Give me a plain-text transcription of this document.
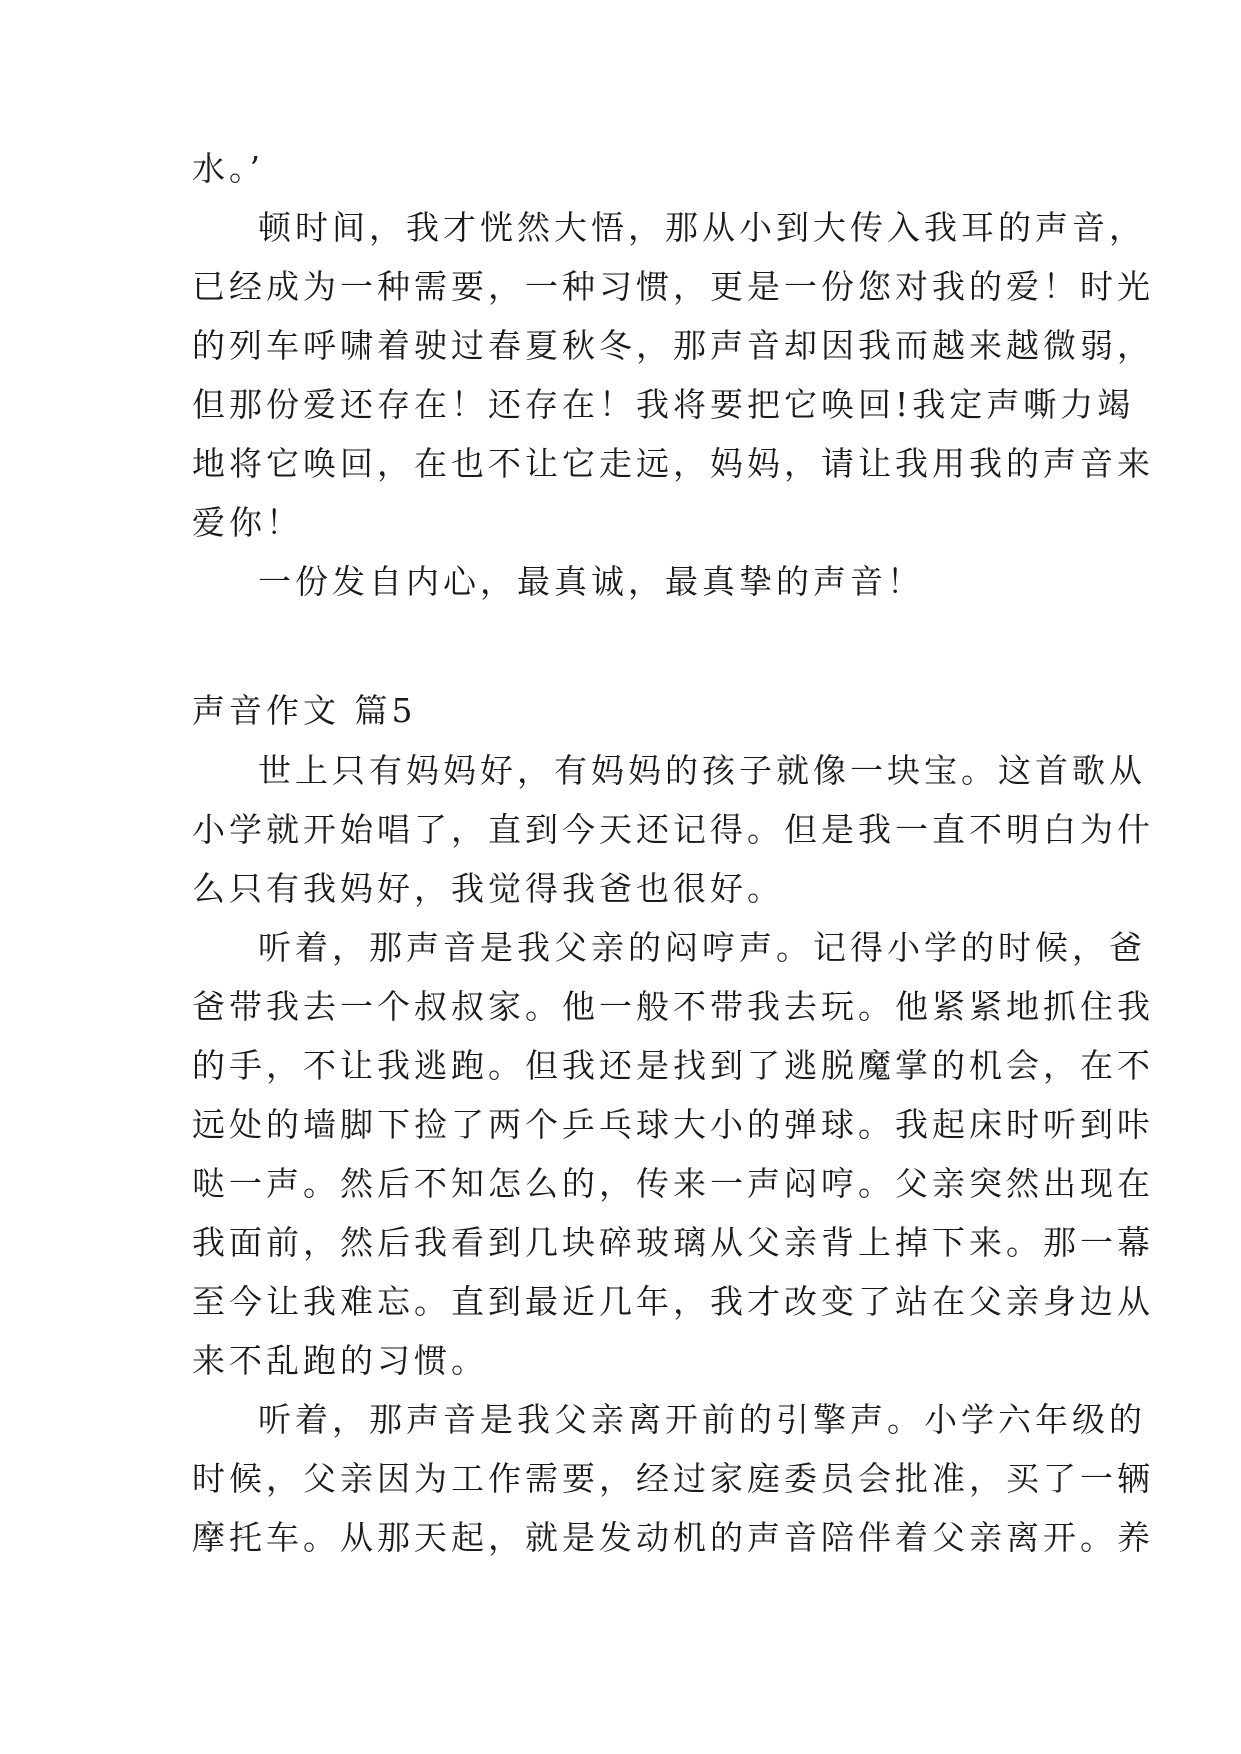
水。’
顿时间，我才恍然大悟，那从小到大传入我耳的声音，
已经成为一种需要，一种习惯，更是一份您对我的爱！时光
的列车呼啸着驶过春夏秋冬，那声音却因我而越来越微弱，
但那份爱还存在！还存在！我将要把它唤回!我定声嘶力竭
地将它唤回，在也不让它走远，妈妈，请让我用我的声音来
爱你！
一份发自内心，最真诚，最真挚的声音！
声音作文 篇5
世上只有妈妈好，有妈妈的孩子就像一块宝。这首歌从
小学就开始唱了，直到今天还记得。但是我一直不明白为什
么只有我妈好，我觉得我爸也很好。
听着，那声音是我父亲的闷哼声。记得小学的时候，爸
爸带我去一个叔叔家。他一般不带我去玩。他紧紧地抓住我
的手，不让我逃跑。但我还是找到了逃脱魔掌的机会，在不
远处的墙脚下捡了两个乒乓球大小的弹球。我起床时听到咔
哒一声。然后不知怎么的，传来一声闷哼。父亲突然出现在
我面前，然后我看到几块碎玻璃从父亲背上掉下来。那一幕
至今让我难忘。直到最近几年，我才改变了站在父亲身边从
来不乱跑的习惯。
听着，那声音是我父亲离开前的引擎声。小学六年级的
时候，父亲因为工作需要，经过家庭委员会批准，买了一辆
摩托车。从那天起，就是发动机的声音陪伴着父亲离开。养
